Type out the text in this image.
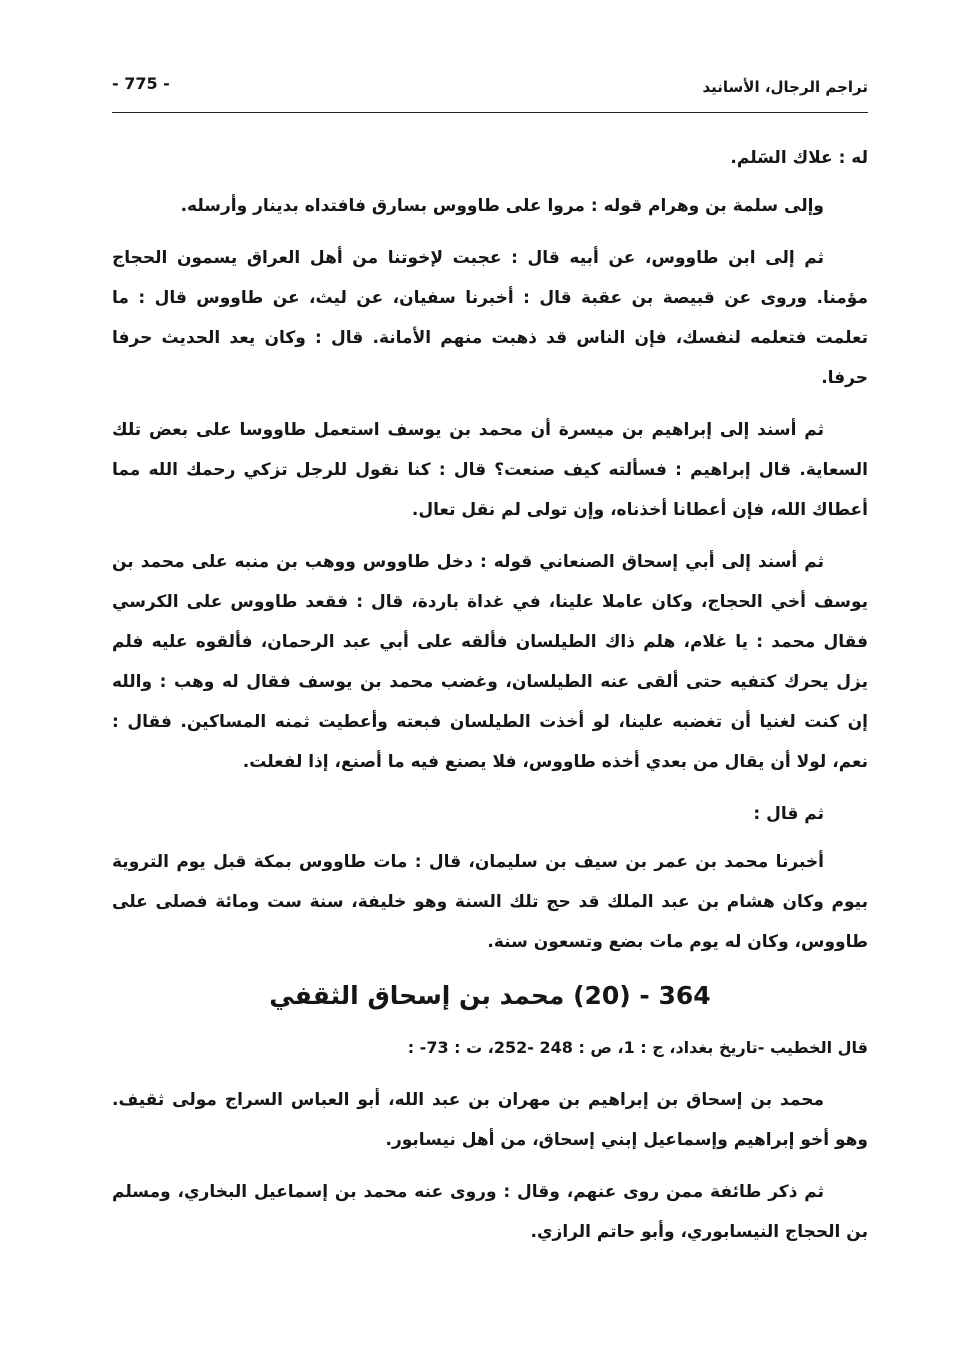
تراجم الرجال، الأسانيد
- 775 -

له : علاك السَلم.

وإلى سلمة بن وهرام قوله : مروا على طاووس بسارق فافتداه بدينار وأرسله.

ثم إلى ابن طاووس، عن أبيه قال : عجبت لإخوتنا من أهل العراق يسمون الحجاج مؤمنا. وروى عن قبيصة بن عقبة قال : أخبرنا سفيان، عن ليث، عن طاووس قال : ما تعلمت فتعلمه لنفسك، فإن الناس قد ذهبت منهم الأمانة. قال : وكان يعد الحديث حرفا حرفا.

ثم أسند إلى إبراهيم بن ميسرة أن محمد بن يوسف استعمل طاووسا على بعض تلك السعاية. قال إبراهيم : فسألته كيف صنعت؟ قال : كنا نقول للرجل تزكي رحمك الله مما أعطاك الله، فإن أعطانا أخذناه، وإن تولى لم نقل تعال.

ثم أسند إلى أبي إسحاق الصنعاني قوله : دخل طاووس ووهب بن منبه على محمد بن يوسف أخي الحجاج، وكان عاملا علينا، في غداة باردة، قال : فقعد طاووس على الكرسي فقال محمد : يا غلام، هلم ذاك الطيلسان فألقه على أبي عبد الرحمان، فألقوه عليه فلم يزل يحرك كتفيه حتى ألقى عنه الطيلسان، وغضب محمد بن يوسف فقال له وهب : والله إن كنت لغنيا أن تغضبه علينا، لو أخذت الطيلسان فبعته وأعطيت ثمنه المساكين. فقال : نعم، لولا أن يقال من بعدي أخذه طاووس، فلا يصنع فيه ما أصنع، إذا لفعلت.

ثم قال :

أخبرنا محمد بن عمر بن سيف بن سليمان، قال : مات طاووس بمكة قبل يوم التروية بيوم وكان هشام بن عبد الملك قد حج تلك السنة وهو خليفة، سنة ست ومائة فصلى على طاووس، وكان له يوم مات بضع وتسعون سنة.

364 - (20) محمد بن إسحاق الثقفي

قال الخطيب -تاريخ بغداد، ج : 1، ص : 248 -252، ت : 73- :

محمد بن إسحاق بن إبراهيم بن مهران بن عبد الله، أبو العباس السراج مولى ثقيف. وهو أخو إبراهيم وإسماعيل إبني إسحاق، من أهل نيسابور.

ثم ذكر طائفة ممن روى عنهم، وقال : وروى عنه محمد بن إسماعيل البخاري، ومسلم بن الحجاج النيسابوري، وأبو حاتم الرازي.
